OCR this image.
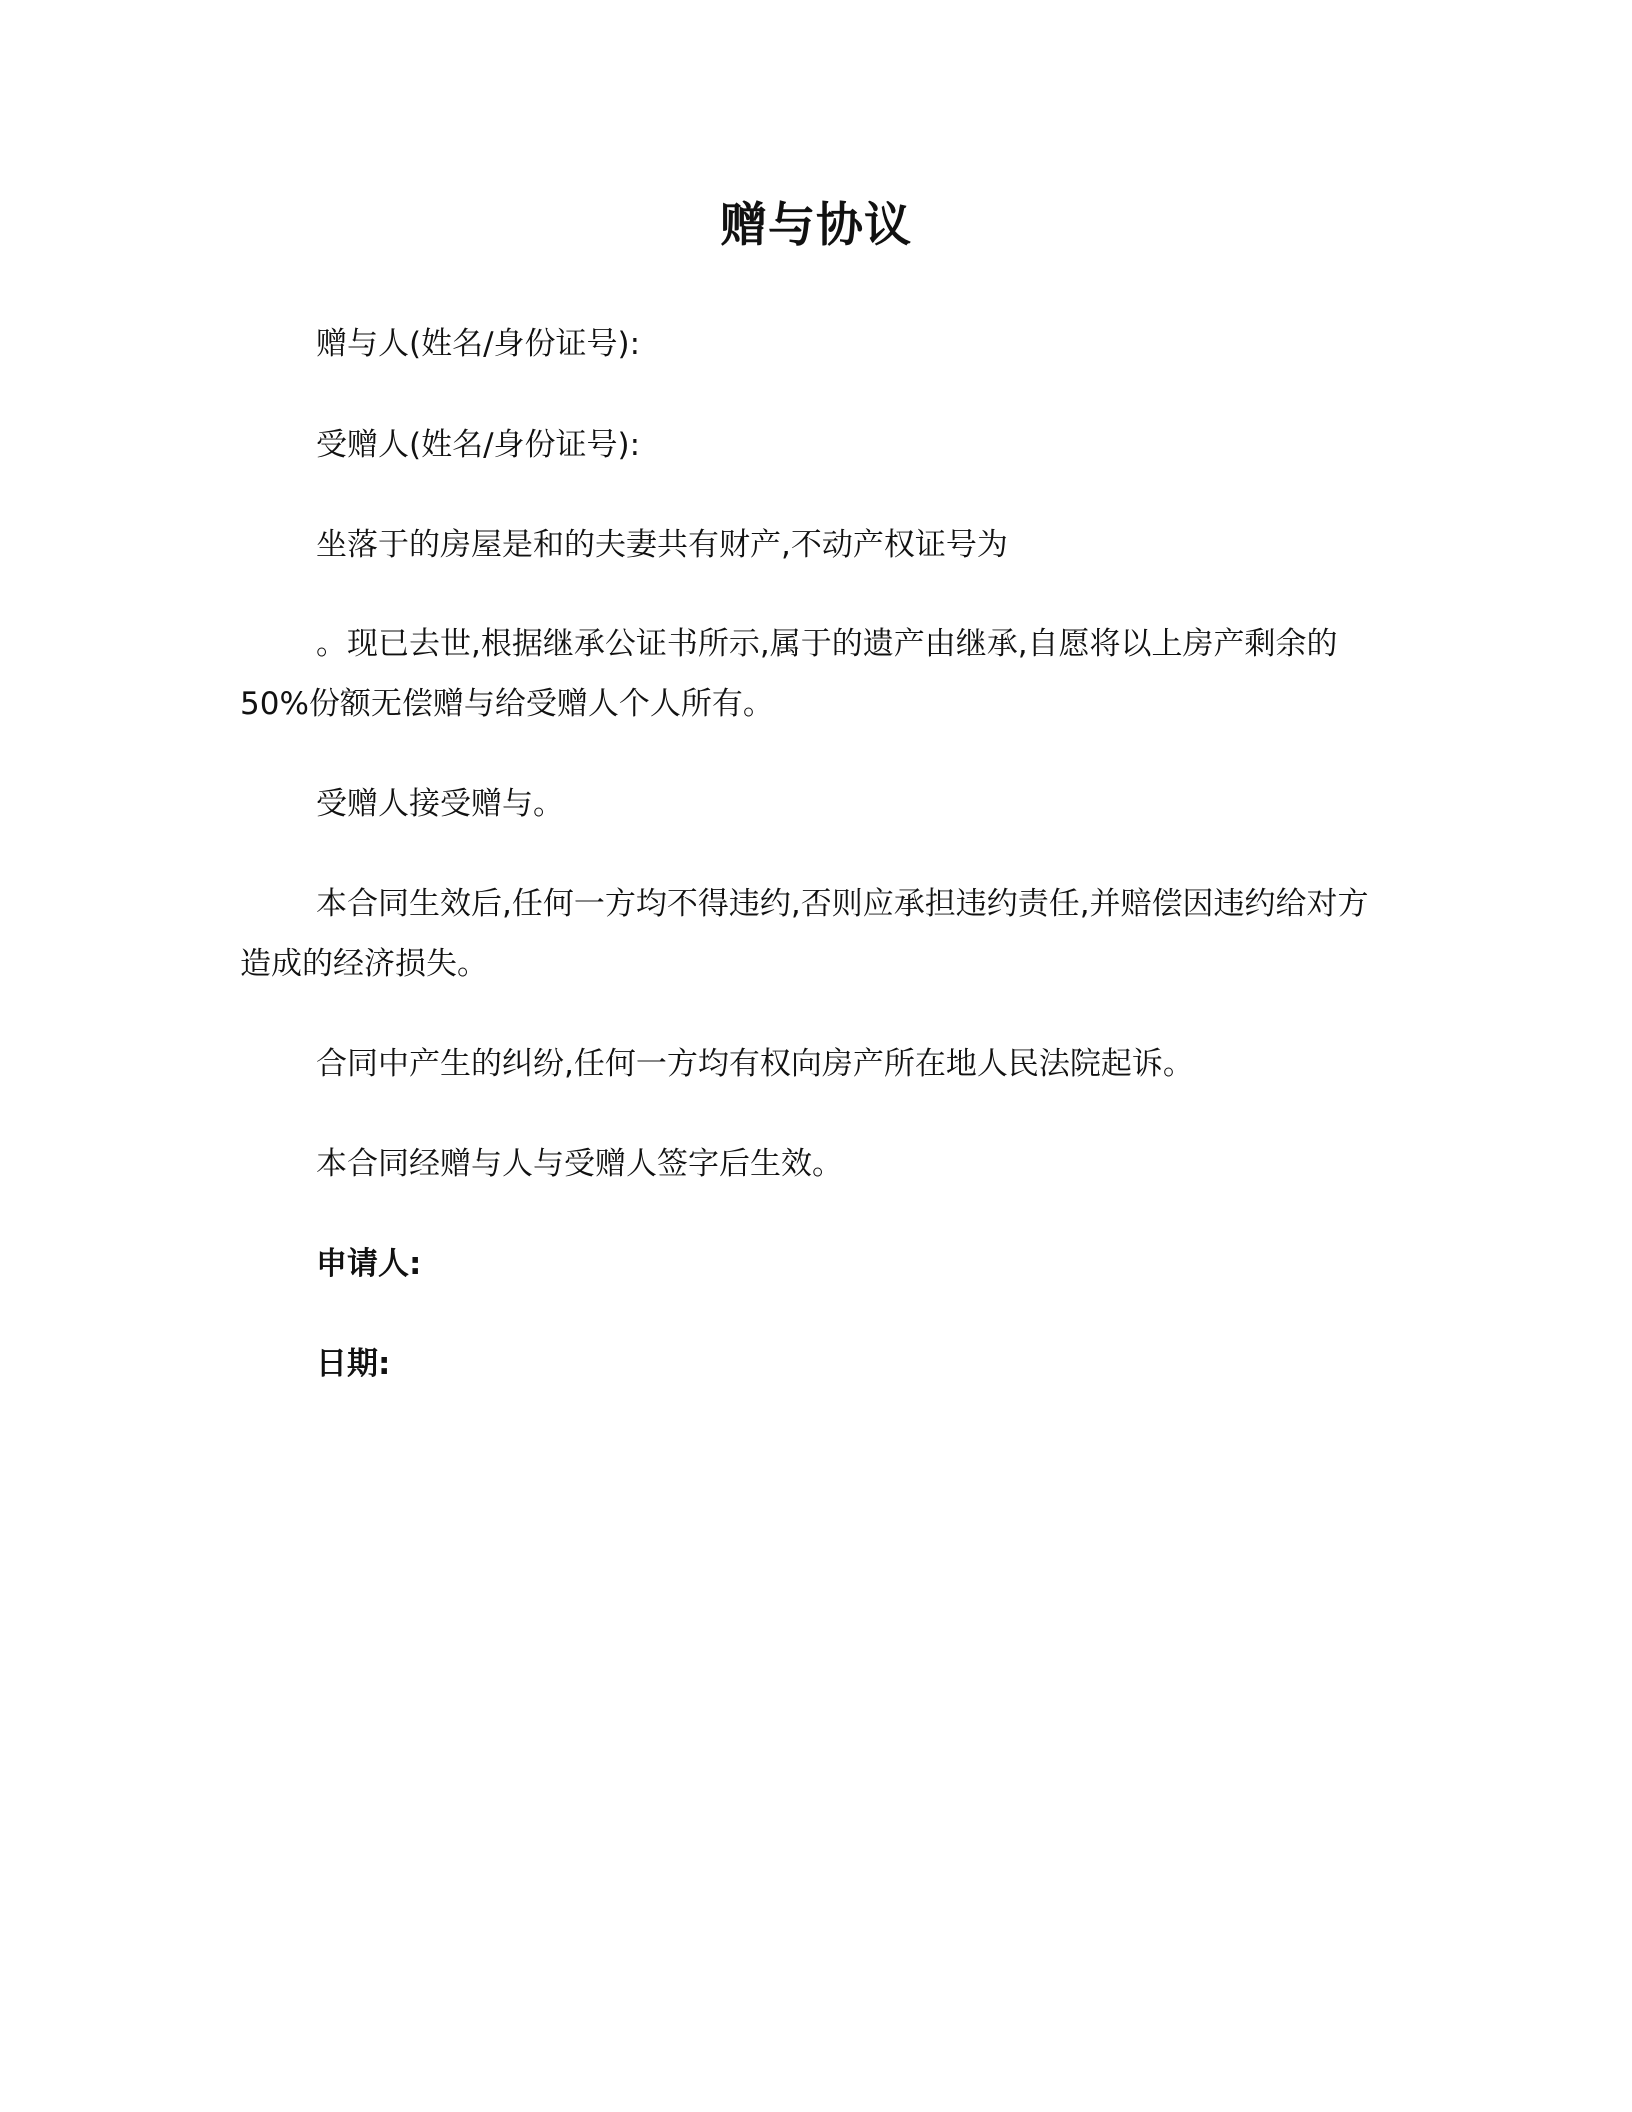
赠与协议
赠与人(姓名/身份证号):
受赠人(姓名/身份证号):
坐落于的房屋是和的夫妻共有财产,不动产权证号为
。现已去世,根据继承公证书所示,属于的遗产由继承,自愿将以上房产剩余的50%份额无偿赠与给受赠人个人所有。
受赠人接受赠与。
本合同生效后,任何一方均不得违约,否则应承担违约责任,并赔偿因违约给对方造成的经济损失。
合同中产生的纠纷,任何一方均有权向房产所在地人民法院起诉。
本合同经赠与人与受赠人签字后生效。
申请人:
日期:
